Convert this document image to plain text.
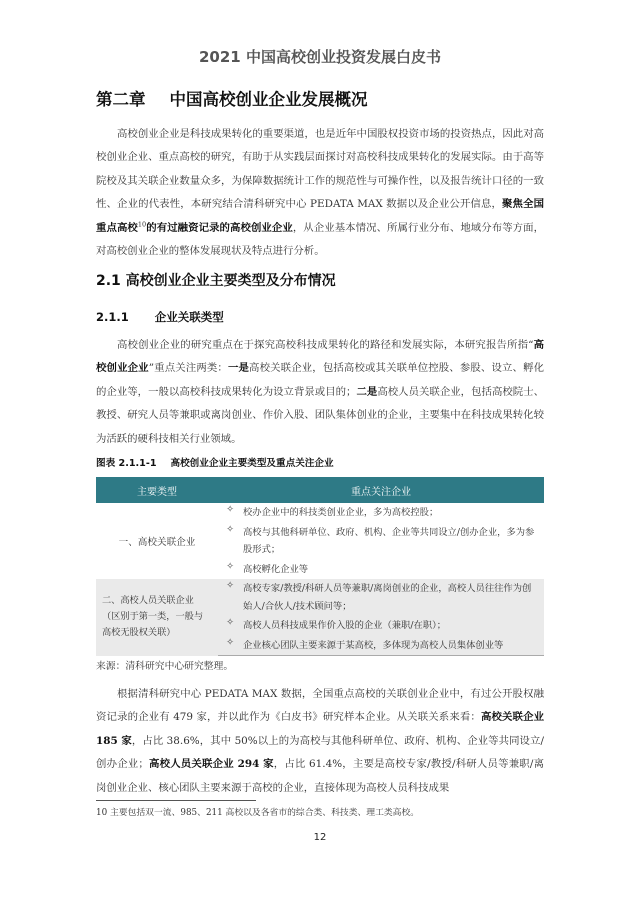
2021 中国高校创业投资发展白皮书
第二章 中国高校创业企业发展概况

高校创业企业是科技成果转化的重要渠道，也是近年中国股权投资市场的投资热点，因此对高校创业企业、重点高校的研究，有助于从实践层面探讨对高校科技成果转化的发展实际。由于高等院校及其关联企业数量众多，为保障数据统计工作的规范性与可操作性，以及报告统计口径的一致性、企业的代表性，本研究结合清科研究中心 PEDATA MAX 数据以及企业公开信息，聚焦全国重点高校$^{10}$的有过融资记录的高校创业企业，从企业基本情况、所属行业分布、地域分布等方面，对高校创业企业的整体发展现状及特点进行分析。

2.1 高校创业企业主要类型及分布情况
2.1.1 企业关联类型

高校创业企业的研究重点在于探究高校科技成果转化的路径和发展实际，本研究报告所指“高校创业企业”重点关注两类：一是高校关联企业，包括高校或其关联单位控股、参股、设立、孵化的企业等，一般以高校科技成果转化为设立背景或目的；二是高校人员关联企业，包括高校院士、教授、研究人员等兼职或离岗创业、作价入股、团队集体创业的企业，主要集中在科技成果转化较为活跃的硬科技相关行业领域。

图表 2.1.1-1 高校创业企业主要类型及重点关注企业
主要类型	重点关注企业	
一、高校关联企业	✧	校办企业中的科技类创业企业，多为高校控股；
	✧	高校与其他科研单位、政府、机构、企业等共同设立/创办企业，多为参股形式；
	✧	高校孵化企业等
二、高校人员关联企业（区别于第一类，一般与高校无股权关联）	✧	高校专家/教授/科研人员等兼职/离岗创业的企业，高校人员往往作为创始人/合伙人/技术顾问等；
	✧	高校人员科技成果作价入股的企业（兼职/在职）；
	✧	企业核心团队主要来源于某高校，多体现为高校人员集体创业等
来源：清科研究中心研究整理。

根据清科研究中心 PEDATA MAX 数据，全国重点高校的关联创业企业中，有过公开股权融资记录的企业有 479 家，并以此作为《白皮书》研究样本企业。从关联关系来看：高校关联企业 185 家，占比 38.6%，其中 50%以上的为高校与其他科研单位、政府、机构、企业等共同设立/创办企业；高校人员关联企业 294 家，占比 61.4%，主要是高校专家/教授/科研人员等兼职/离岗创业企业、核心团队主要来源于高校的企业，直接体现为高校人员科技成果

10 主要包括双一流、985、211 高校以及各省市的综合类、科技类、理工类高校。
12
